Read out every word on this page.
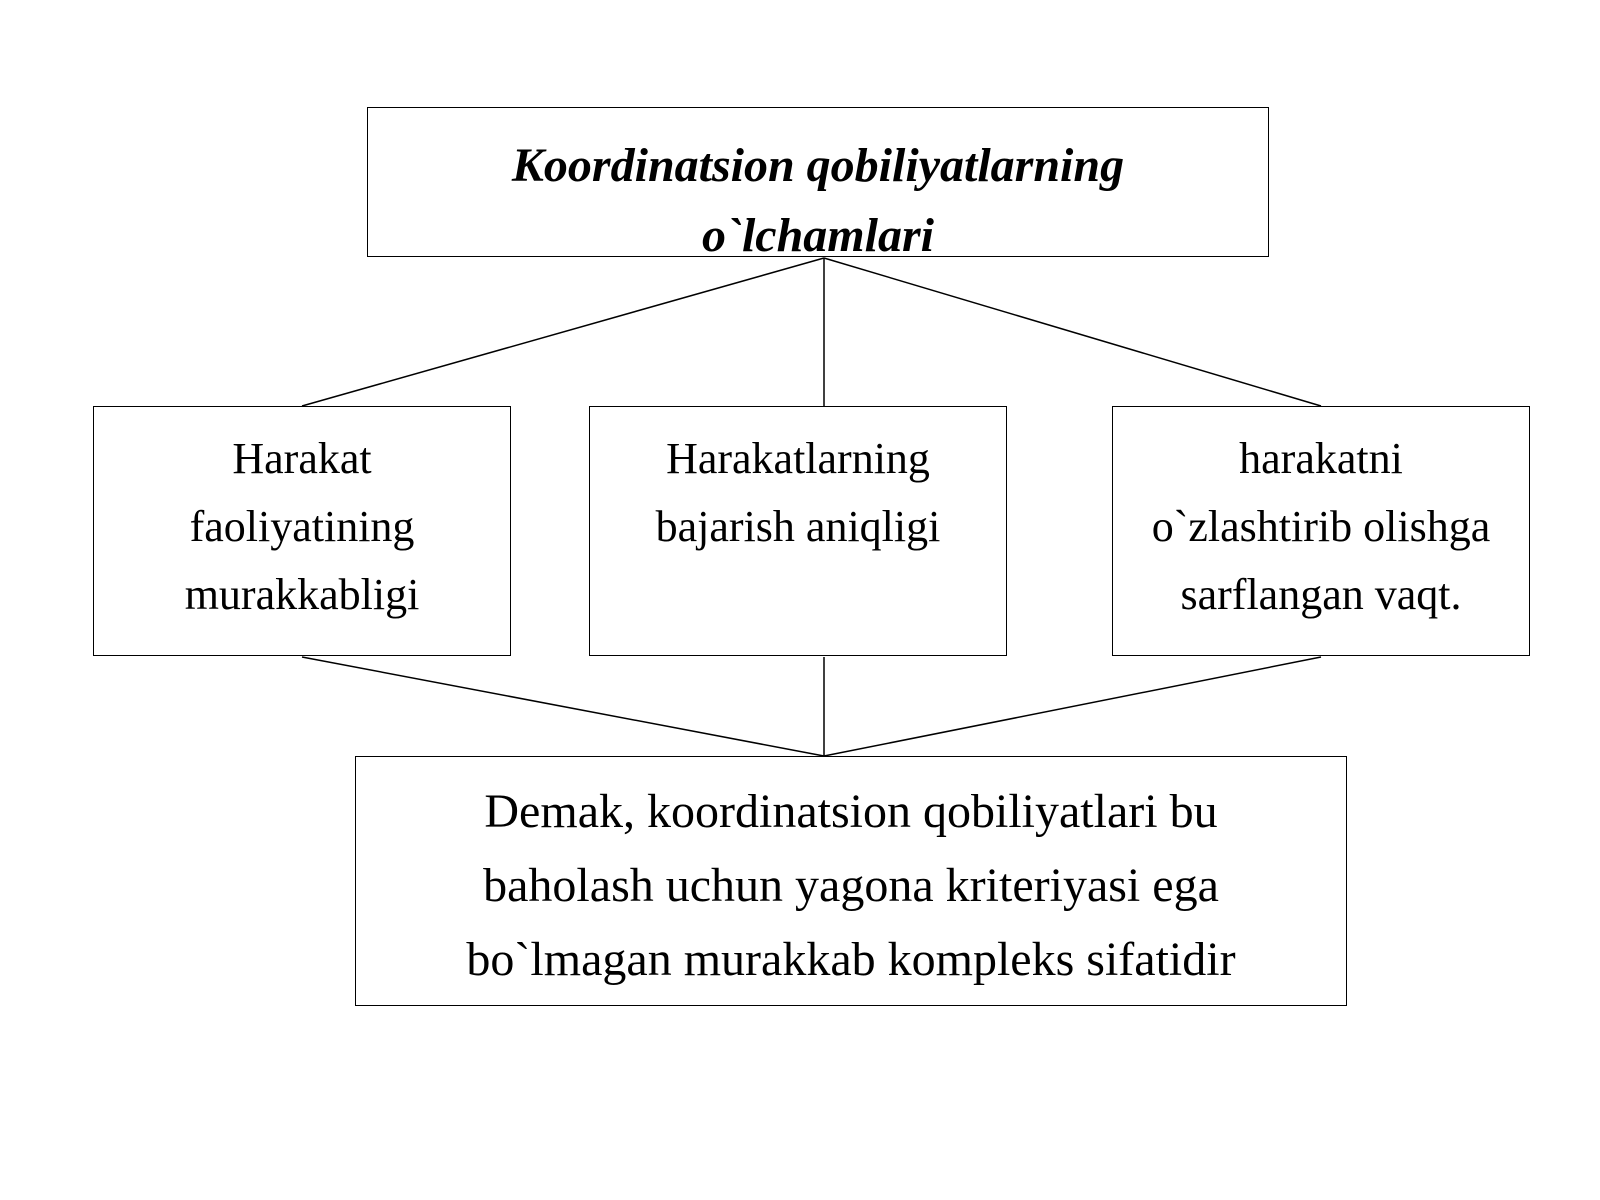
Koordinatsion qobiliyatlarning
o`lchamlari
Harakat
faoliyatining
murakkabligi
Harakatlarning
bajarish aniqligi
harakatni
o`zlashtirib olishga
sarflangan vaqt.
Demak, koordinatsion qobiliyatlari bu
baholash uchun yagona kriteriyasi ega
bo`lmagan murakkab kompleks sifatidir
